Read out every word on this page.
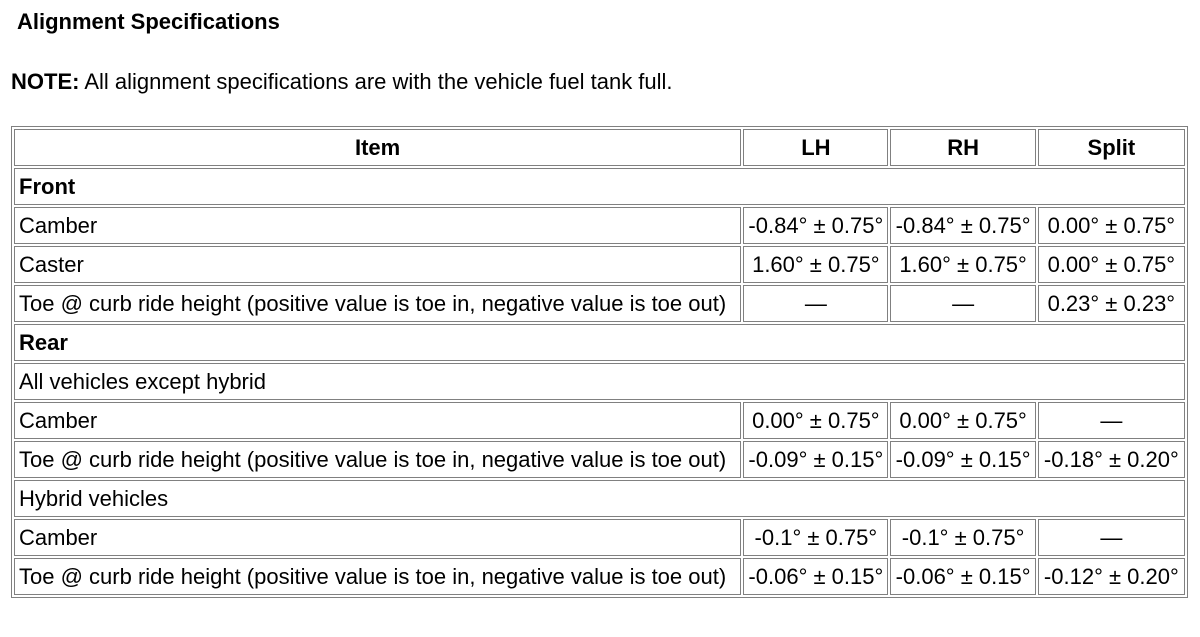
Alignment Specifications
NOTE: All alignment specifications are with the vehicle fuel tank full.
Item	LH	RH	Split
Front			
Camber	-0.84° ± 0.75°	-0.84° ± 0.75°	0.00° ± 0.75°
Caster	1.60° ± 0.75°	1.60° ± 0.75°	0.00° ± 0.75°
Toe @ curb ride height (positive value is toe in, negative value is toe out)	—	—	0.23° ± 0.23°
Rear			
All vehicles except hybrid			
Camber	0.00° ± 0.75°	0.00° ± 0.75°	—
Toe @ curb ride height (positive value is toe in, negative value is toe out)	-0.09° ± 0.15°	-0.09° ± 0.15°	-0.18° ± 0.20°
Hybrid vehicles			
Camber	-0.1° ± 0.75°	-0.1° ± 0.75°	—
Toe @ curb ride height (positive value is toe in, negative value is toe out)	-0.06° ± 0.15°	-0.06° ± 0.15°	-0.12° ± 0.20°
